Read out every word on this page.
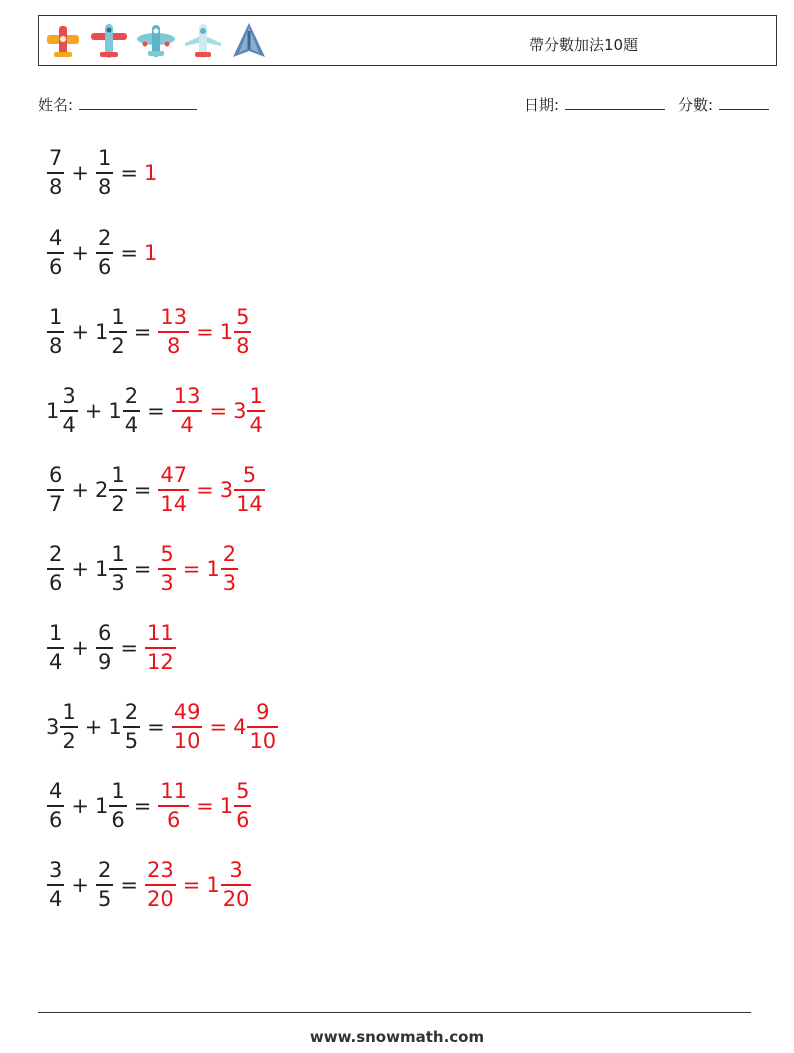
帶分數加法10題
姓名:	日期:	分數:
$\frac{7}{8} + \frac{1}{8} = 1$
$\frac{4}{6} + \frac{2}{6} = 1$
$\frac{1}{8} + 1 \frac{1}{2} = \frac{13}{8} = 1 \frac{5}{8}$
$1 \frac{3}{4} + 1 \frac{2}{4} = \frac{13}{4} = 3 \frac{1}{4}$
$\frac{6}{7} + 2 \frac{1}{2} = \frac{47}{14} = 3 \frac{5}{14}$
$\frac{2}{6} + 1 \frac{1}{3} = \frac{5}{3} = 1 \frac{2}{3}$
$\frac{1}{4} + \frac{6}{9} = \frac{11}{12}$
$3 \frac{1}{2} + 1 \frac{2}{5} = \frac{49}{10} = 4 \frac{9}{10}$
$\frac{4}{6} + 1 \frac{1}{6} = \frac{11}{6} = 1 \frac{5}{6}$
$\frac{3}{4} + \frac{2}{5} = \frac{23}{20} = 1 \frac{3}{20}$
www.snowmath.com
